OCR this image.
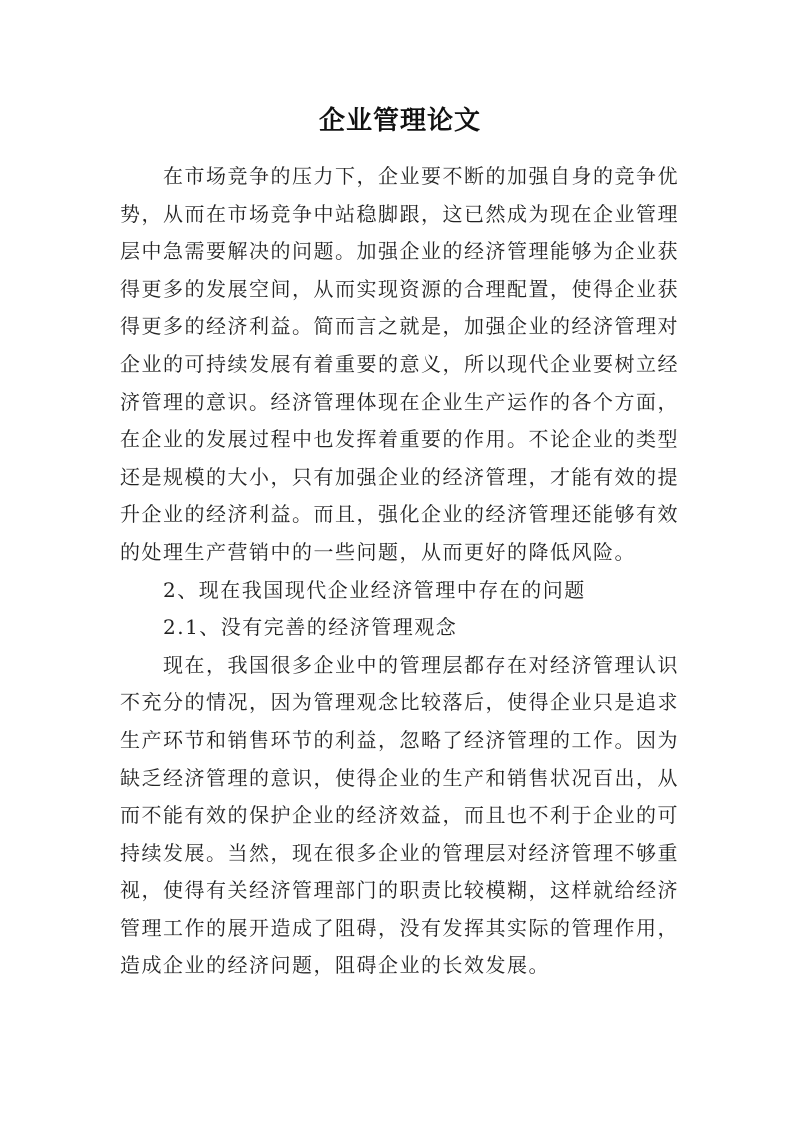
企业管理论文
在市场竞争的压力下，企业要不断的加强自身的竞争优
势，从而在市场竞争中站稳脚跟，这已然成为现在企业管理
层中急需要解决的问题。加强企业的经济管理能够为企业获
得更多的发展空间，从而实现资源的合理配置，使得企业获
得更多的经济利益。简而言之就是，加强企业的经济管理对
企业的可持续发展有着重要的意义，所以现代企业要树立经
济管理的意识。经济管理体现在企业生产运作的各个方面，
在企业的发展过程中也发挥着重要的作用。不论企业的类型
还是规模的大小，只有加强企业的经济管理，才能有效的提
升企业的经济利益。而且，强化企业的经济管理还能够有效
的处理生产营销中的一些问题，从而更好的降低风险。
2、现在我国现代企业经济管理中存在的问题
2.1、没有完善的经济管理观念
现在，我国很多企业中的管理层都存在对经济管理认识
不充分的情况，因为管理观念比较落后，使得企业只是追求
生产环节和销售环节的利益，忽略了经济管理的工作。因为
缺乏经济管理的意识，使得企业的生产和销售状况百出，从
而不能有效的保护企业的经济效益，而且也不利于企业的可
持续发展。当然，现在很多企业的管理层对经济管理不够重
视，使得有关经济管理部门的职责比较模糊，这样就给经济
管理工作的展开造成了阻碍，没有发挥其实际的管理作用，
造成企业的经济问题，阻碍企业的长效发展。
